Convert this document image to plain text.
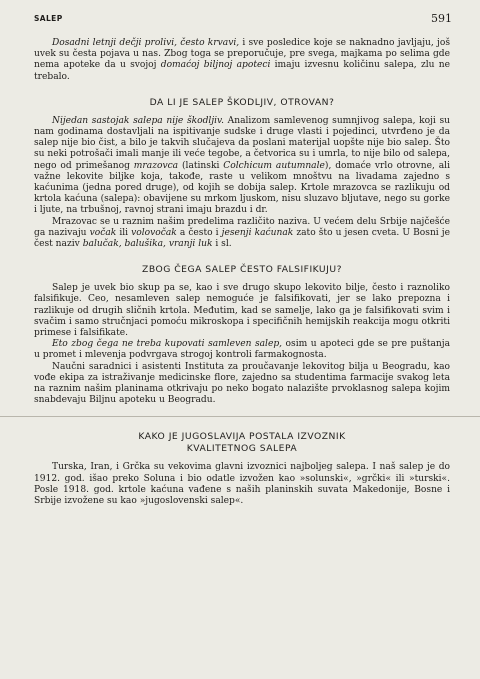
SALEP	591

Dosadni letnji dečji prolivi, često krvavi, i sve posledice koje se naknadno javljaju, još uvek su česta pojava u nas. Zbog toga se preporučuje, pre svega, majkama po selima gde nema apoteke da u svojoj domaćoj biljnoj apoteci imaju izvesnu količinu salepa, zlu ne trebalo.

DA LI JE SALEP ŠKODLJIV, OTROVAN?

Nijedan sastojak salepa nije škodljiv. Analizom samlevenog sumnjivog salepa, koji su nam godinama dostavljali na ispitivanje sudske i druge vlasti i pojedinci, utvrđeno je da salep nije bio čist, a bilo je takvih slučajeva da poslani materijal uopšte nije bio salep. Što su neki potrošači imali manje ili veće tegobe, a četvorica su i umrla, to nije bilo od salepa, nego od primešanog mrazovca (latinski Colchicum autumnale), domaće vrlo otrovne, ali važne lekovite biljke koja, takođe, raste u velikom mnoštvu na livadama zajedno s kaćunima (jedna pored druge), od kojih se dobija salep. Krtole mrazovca se razlikuju od krtola kaćuna (salepa): obavijene su mrkom ljuskom, nisu sluzavo bljutave, nego su gorke i ljute, na trbušnoj, ravnoj strani imaju brazdu i dr.

Mrazovac se u raznim našim predelima različito naziva. U većem delu Srbije najčešće ga nazivaju vočak ili volovočak a često i jesenji kaćunak zato što u jesen cveta. U Bosni je čest naziv balučak, balušika, vranji luk i sl.

ZBOG ČEGA SALEP ČESTO FALSIFIKUJU?

Salep je uvek bio skup pa se, kao i sve drugo skupo lekovito bilje, često i raznoliko falsifikuje. Ceo, nesamleven salep nemoguće je falsifikovati, jer se lako prepozna i razlikuje od drugih sličnih krtola. Međutim, kad se samelje, lako ga je falsifikovati svim i svačim i samo stručnjaci pomoću mikroskopa i specifičnih hemijskih reakcija mogu otkriti primese i falsifikate.

Eto zbog čega ne treba kupovati samleven salep, osim u apoteci gde se pre puštanja u promet i mlevenja podvrgava strogoj kontroli farmakognosta.

Naučni saradnici i asistenti Instituta za proučavanje lekovitog bilja u Beogradu, kao vođe ekipa za istraživanje medicinske flore, zajedno sa studentima farmacije svakog leta na raznim našim planinama otkrivaju po neko bogato nalazište prvoklasnog salepa kojim snabdevaju Biljnu apoteku u Beogradu.

KAKO JE JUGOSLAVIJA POSTALA IZVOZNIK
KVALITETNOG SALEPA

Turska, Iran, i Grčka su vekovima glavni izvoznici najboljeg salepa. I naš salep je do 1912. god. išao preko Soluna i bio odatle izvožen kao »solunski«, »grčki« ili »turski«. Posle 1918. god. krtole kaćuna vađene s naših planinskih suvata Makedonije, Bosne i Srbije izvožene su kao »jugoslovenski salep«.
